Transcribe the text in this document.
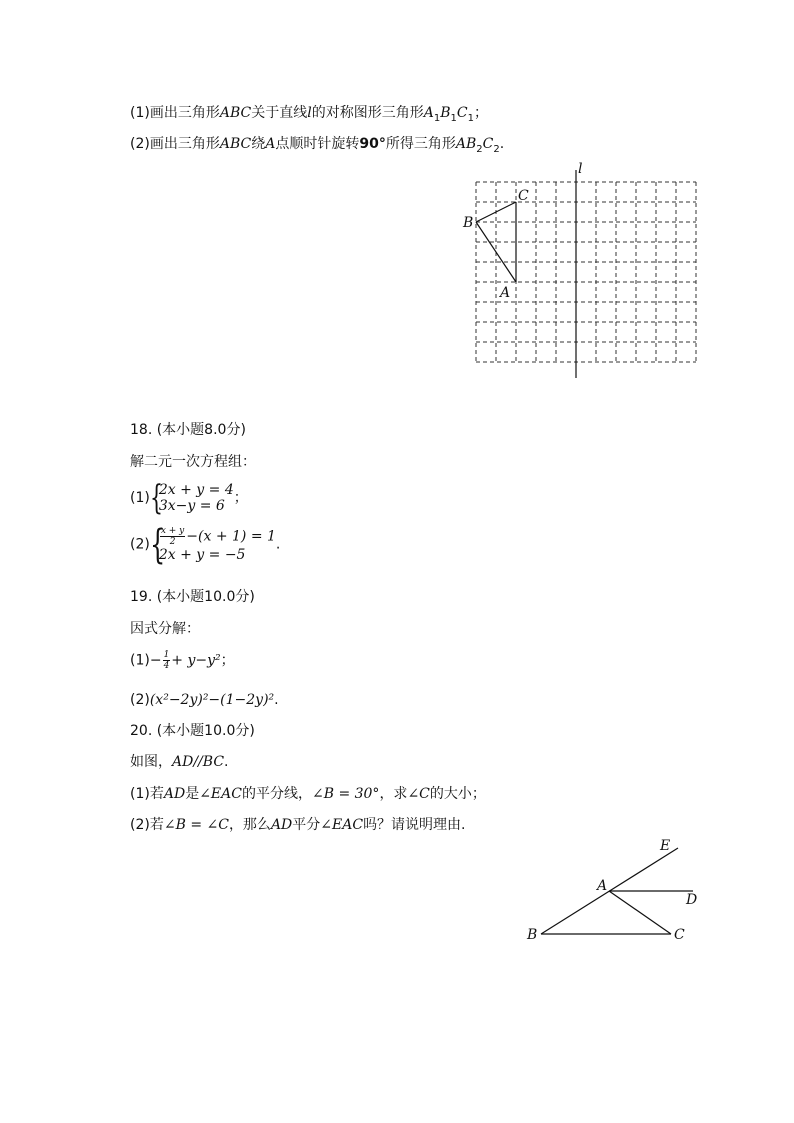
(1)画出三角形ABC关于直线l的对称图形三角形$A_1B_1C_1$；
(2)画出三角形ABC绕A点顺时针旋转90°所得三角形$AB_2C_2$.
l
C
B
A
18. (本小题8.0分)
解二元一次方程组：
(1) {
2x + y = 4
3x−y = 6 ；
(2) {
$\frac{x + y}{2} -(x + 1) = 1$
2x + y = −5
.
19. (本小题10.0分)
因式分解：
$(1)- \frac{1}{4} + y-y^2$；
(2)(x²−2y)²−(1−2y)².
20. (本小题10.0分)
如图，AD//BC.
(1)若AD是∠EAC的平分线，∠B = 30°，求∠C的大小；
(2)若∠B = ∠C，那么AD平分∠EAC吗？请说明理由.
E
A
D
B	C
